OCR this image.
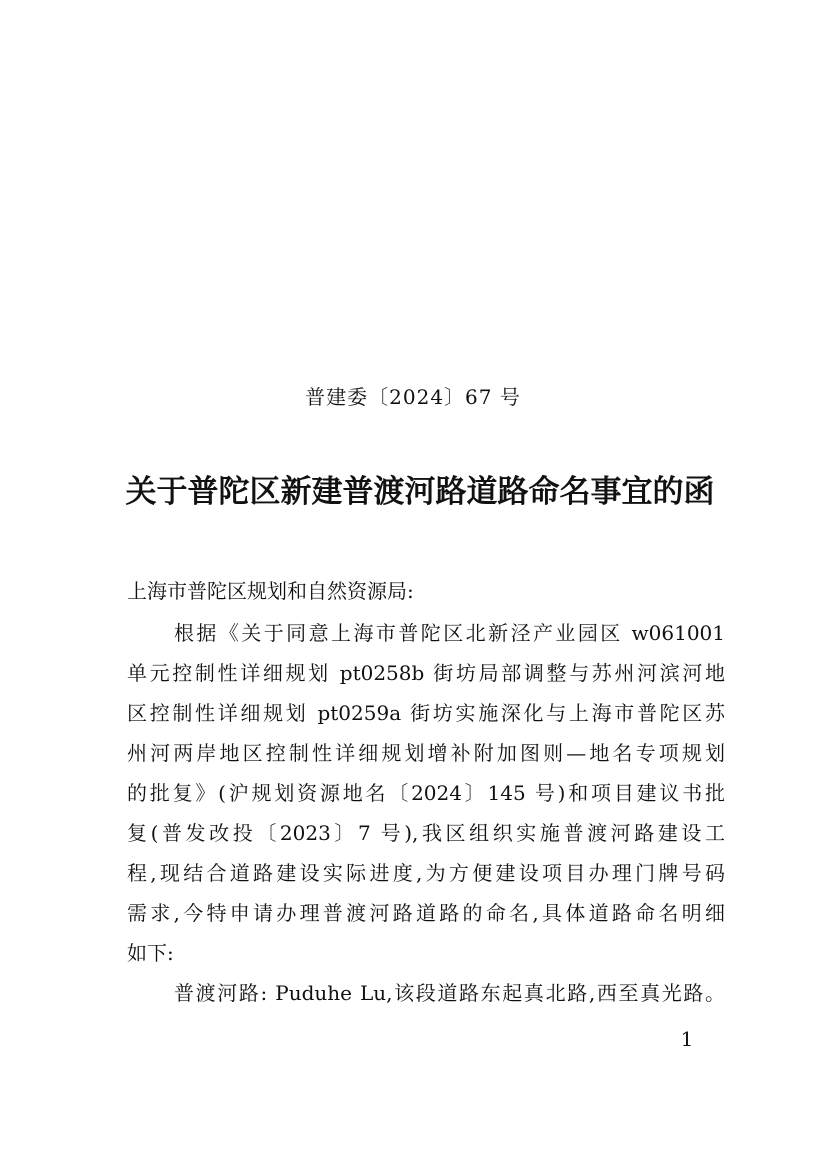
普建委〔2024〕67 号
关于普陀区新建普渡河路道路命名事宜的函
上海市普陀区规划和自然资源局:
根据《关于同意上海市普陀区北新泾产业园区 w061001
单元控制性详细规划 pt0258b 街坊局部调整与苏州河滨河地
区控制性详细规划 pt0259a 街坊实施深化与上海市普陀区苏
州河两岸地区控制性详细规划增补附加图则—地名专项规划
的批复》(沪规划资源地名〔2024〕145 号)和项目建议书批
复(普发改投〔2023〕7 号),我区组织实施普渡河路建设工
程,现结合道路建设实际进度,为方便建设项目办理门牌号码
需求,今特申请办理普渡河路道路的命名,具体道路命名明细
如下:
普渡河路: Puduhe Lu,该段道路东起真北路,西至真光路。
1
